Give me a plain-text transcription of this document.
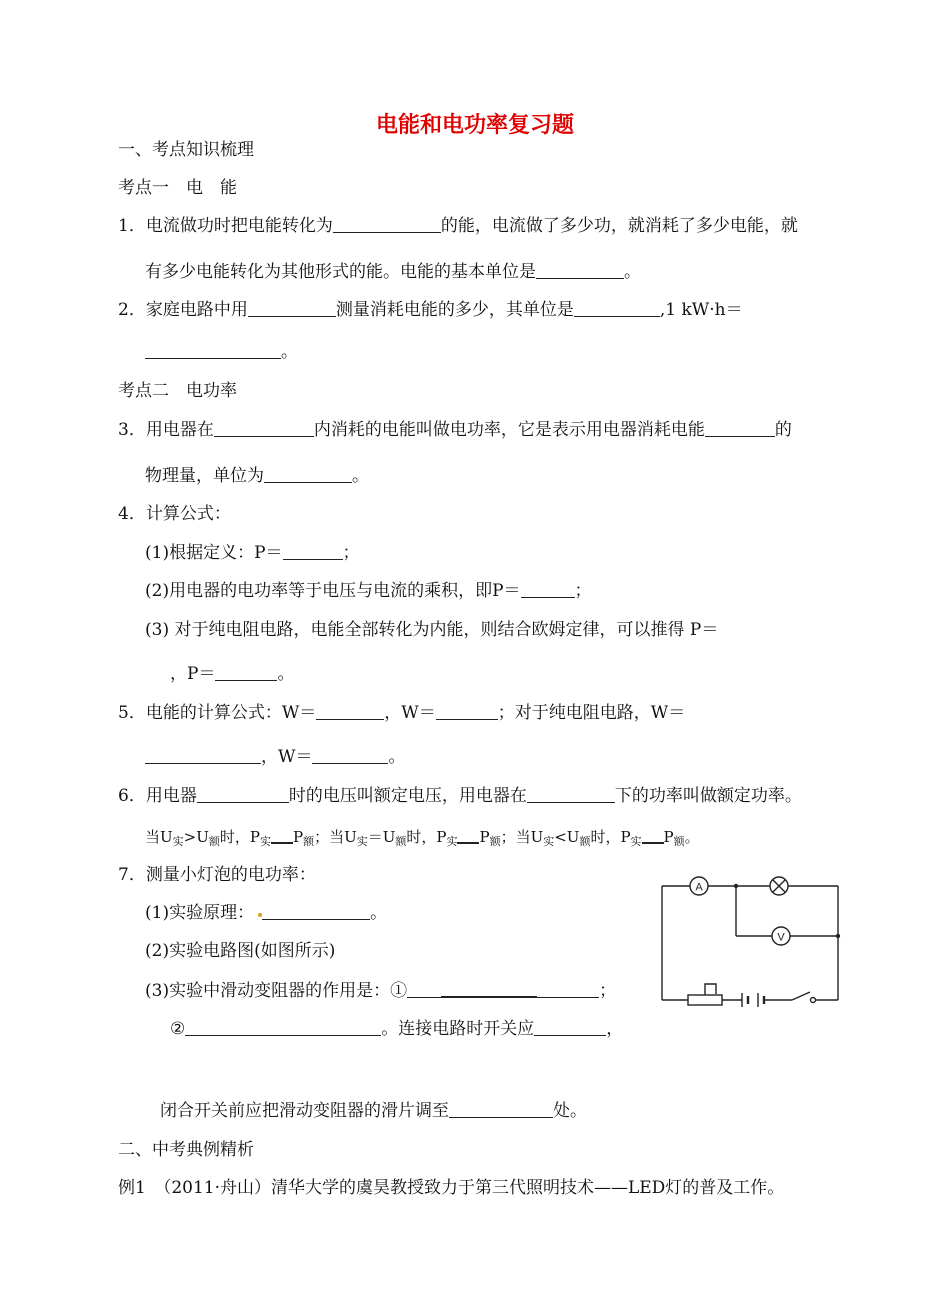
电能和电功率复习题
一、考点知识梳理
考点一　电　能
1．电流做功时把电能转化为	的能，电流做了多少功，就消耗了多少电能，就
有多少电能转化为其他形式的能。电能的基本单位是	。
2．家庭电路中用	测量消耗电能的多少，其单位是	,1 kW·h＝
。
考点二　电功率
3．用电器在	内消耗的电能叫做电功率，它是表示用电器消耗电能	的
物理量，单位为	。
4．计算公式：
(1)根据定义：P＝	；
(2)用电器的电功率等于电压与电流的乘积，即P＝	；
(3) 对于纯电阻电路，电能全部转化为内能，则结合欧姆定律，可以推得 P＝
，P＝	。
5．电能的计算公式：W＝	，W＝	；对于纯电阻电路，W＝
，W＝	。
6．用电器	时的电压叫额定电压，用电器在	下的功率叫做额定功率。
当$U_实>U_额$时，$P_实$ $P_额$；当$U_实=U_额$时，$P_实$ $P_额$；当$U_实<U_额$时，$P_实$ $P_额$。
7．测量小灯泡的电功率：
(1)实验原理：	。
(2)实验电路图(如图所示)
(3)实验中滑动变阻器的作用是：①	；
②	。连接电路时开关应	，
闭合开关前应把滑动变阻器的滑片调至	处。
二、中考典例精析
例1　（2011·舟山）清华大学的虞昊教授致力于第三代照明技术——LED灯的普及工作。
A
V
